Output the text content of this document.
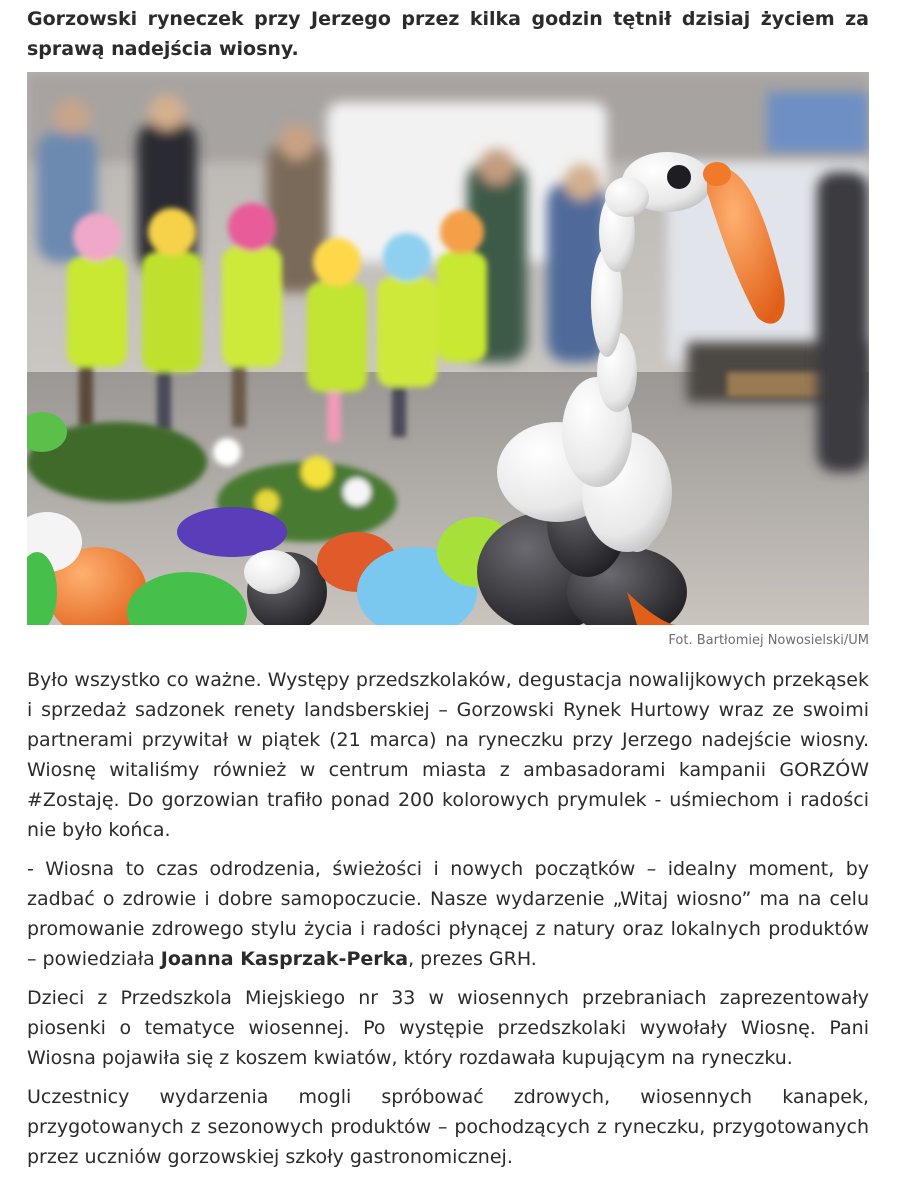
Gorzowski ryneczek przy Jerzego przez kilka godzin tętnił dzisiaj życiem za sprawą nadejścia wiosny.

Fot. Bartłomiej Nowosielski/UM

Było wszystko co ważne. Występy przedszkolaków, degustacja nowalijkowych przekąsek i sprzedaż sadzonek renety landsberskiej – Gorzowski Rynek Hurtowy wraz ze swoimi partnerami przywitał w piątek (21 marca) na ryneczku przy Jerzego nadejście wiosny. Wiosnę witaliśmy również w centrum miasta z ambasadorami kampanii GORZÓW #Zostaję. Do gorzowian trafiło ponad 200 kolorowych prymulek - uśmiechom i radości nie było końca.

- Wiosna to czas odrodzenia, świeżości i nowych początków – idealny moment, by zadbać o zdrowie i dobre samopoczucie. Nasze wydarzenie „Witaj wiosno” ma na celu promowanie zdrowego stylu życia i radości płynącej z natury oraz lokalnych produktów – powiedziała Joanna Kasprzak-Perka, prezes GRH.

Dzieci z Przedszkola Miejskiego nr 33 w wiosennych przebraniach zaprezentowały piosenki o tematyce wiosennej. Po występie przedszkolaki wywołały Wiosnę. Pani Wiosna pojawiła się z koszem kwiatów, który rozdawała kupującym na ryneczku.

Uczestnicy wydarzenia mogli spróbować zdrowych, wiosennych kanapek, przygotowanych z sezonowych produktów – pochodzących z ryneczku, przygotowanych przez uczniów gorzowskiej szkoły gastronomicznej.
